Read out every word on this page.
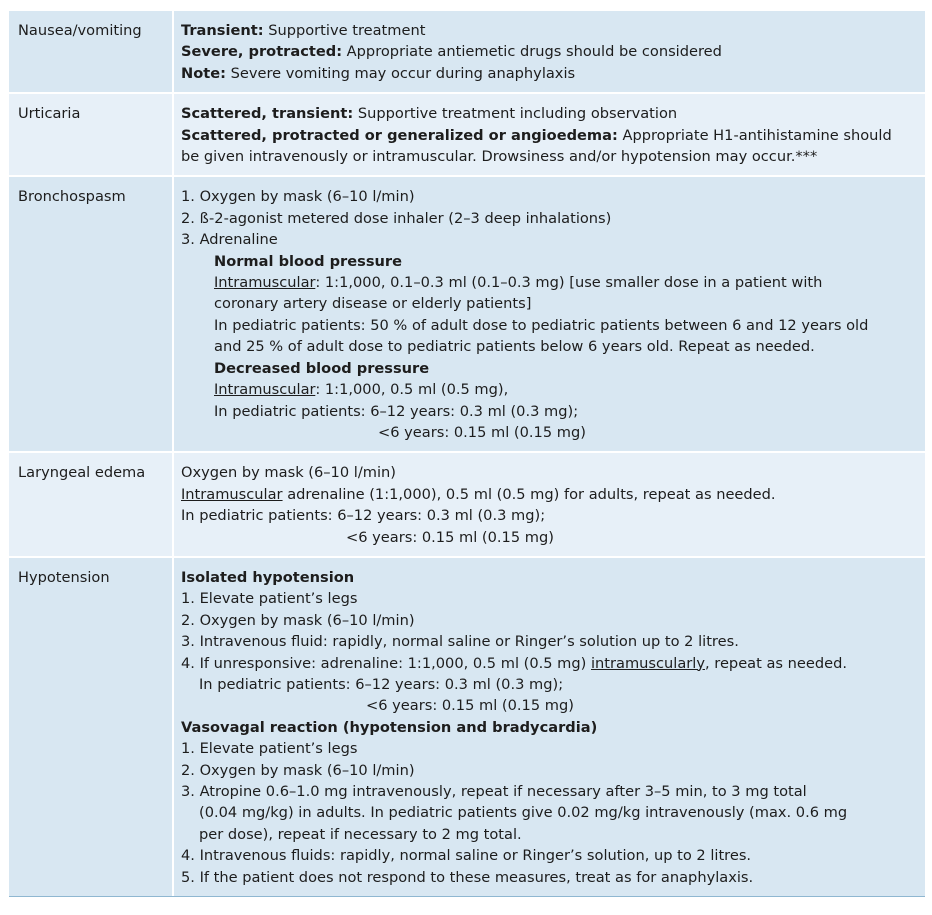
Nausea/vomiting	Transient: Supportive treatment
Severe, protracted: Appropriate antiemetic drugs should be considered
Note: Severe vomiting may occur during anaphylaxis
Urticaria	Scattered, transient: Supportive treatment including observation
Scattered, protracted or generalized or angioedema: Appropriate H1-antihistamine should
be given intravenously or intramuscular. Drowsiness and/or hypotension may occur.***
Bronchospasm	1. Oxygen by mask (6–10 l/min)
2. ß-2-agonist metered dose inhaler (2–3 deep inhalations)
3. Adrenaline
Normal blood pressure
Intramuscular: 1:1,000, 0.1–0.3 ml (0.1–0.3 mg) [use smaller dose in a patient with
coronary artery disease or elderly patients]
In pediatric patients: 50 % of adult dose to pediatric patients between 6 and 12 years old
and 25 % of adult dose to pediatric patients below 6 years old. Repeat as needed.
Decreased blood pressure
Intramuscular: 1:1,000, 0.5 ml (0.5 mg),
In pediatric patients: 6–12 years: 0.3 ml (0.3 mg);
<6 years: 0.15 ml (0.15 mg)
Laryngeal edema	Oxygen by mask (6–10 l/min)
Intramuscular adrenaline (1:1,000), 0.5 ml (0.5 mg) for adults, repeat as needed.
In pediatric patients: 6–12 years: 0.3 ml (0.3 mg);
<6 years: 0.15 ml (0.15 mg)
Hypotension	Isolated hypotension
1. Elevate patient’s legs
2. Oxygen by mask (6–10 l/min)
3. Intravenous fluid: rapidly, normal saline or Ringer’s solution up to 2 litres.
4. If unresponsive: adrenaline: 1:1,000, 0.5 ml (0.5 mg) intramuscularly, repeat as needed.
In pediatric patients: 6–12 years: 0.3 ml (0.3 mg);
<6 years: 0.15 ml (0.15 mg)
Vasovagal reaction (hypotension and bradycardia)
1. Elevate patient’s legs
2. Oxygen by mask (6–10 l/min)
3. Atropine 0.6–1.0 mg intravenously, repeat if necessary after 3–5 min, to 3 mg total
(0.04 mg/kg) in adults. In pediatric patients give 0.02 mg/kg intravenously (max. 0.6 mg
per dose), repeat if necessary to 2 mg total.
4. Intravenous fluids: rapidly, normal saline or Ringer’s solution, up to 2 litres.
5. If the patient does not respond to these measures, treat as for anaphylaxis.
